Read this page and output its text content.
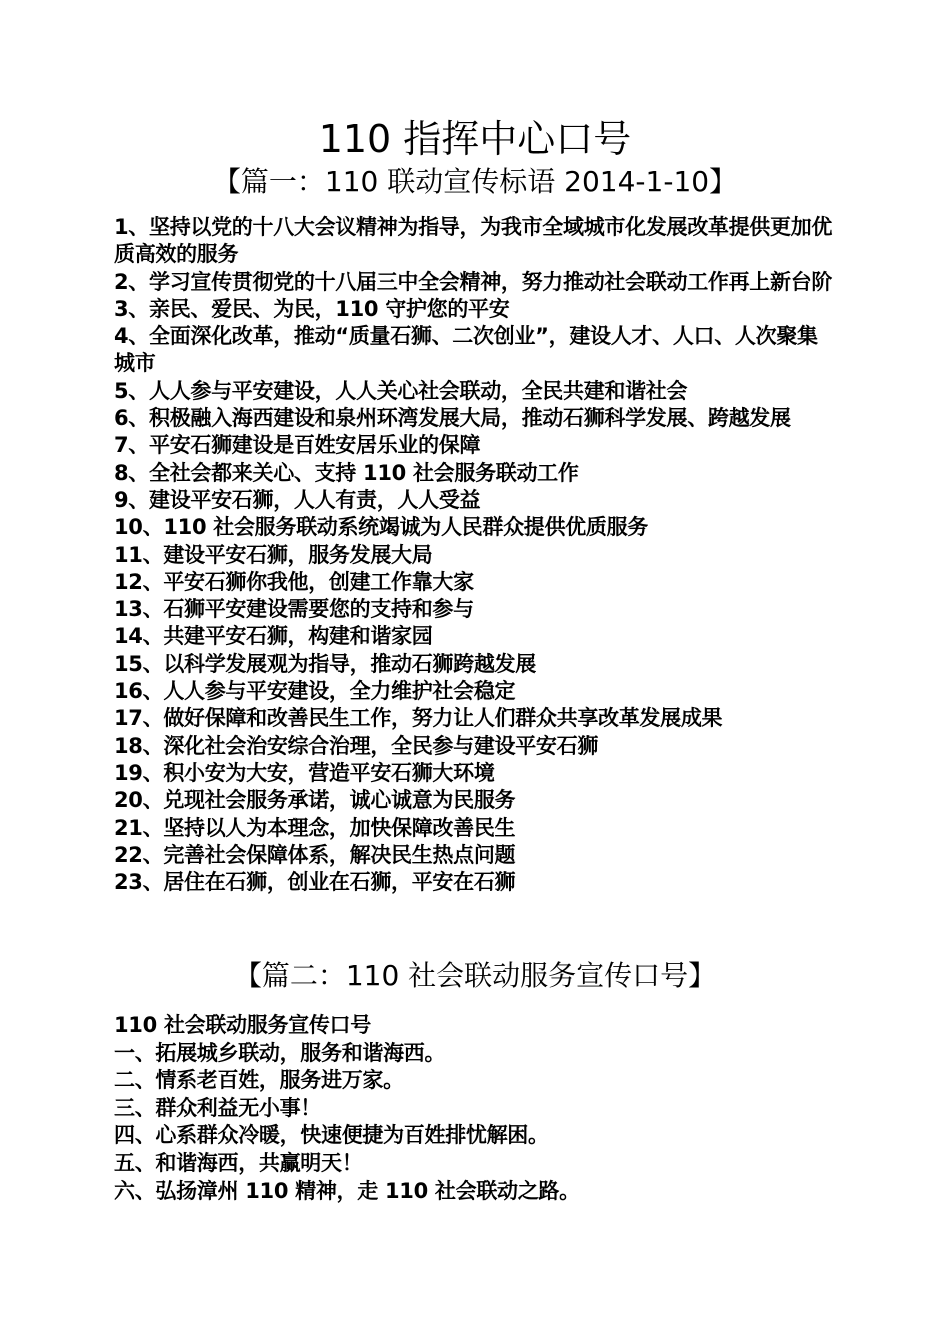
110 指挥中心口号
【篇一：110 联动宣传标语 2014-1-10】
1、坚持以党的十八大会议精神为指导，为我市全域城市化发展改革提供更加优质高效的服务
2、学习宣传贯彻党的十八届三中全会精神，努力推动社会联动工作再上新台阶
3、亲民、爱民、为民，110 守护您的平安
4、全面深化改革，推动“质量石狮、二次创业”，建设人才、人口、人次聚集城市
5、人人参与平安建设，人人关心社会联动，全民共建和谐社会
6、积极融入海西建设和泉州环湾发展大局，推动石狮科学发展、跨越发展
7、平安石狮建设是百姓安居乐业的保障
8、全社会都来关心、支持 110 社会服务联动工作
9、建设平安石狮，人人有责，人人受益
10、110 社会服务联动系统竭诚为人民群众提供优质服务
11、建设平安石狮，服务发展大局
12、平安石狮你我他，创建工作靠大家
13、石狮平安建设需要您的支持和参与
14、共建平安石狮，构建和谐家园
15、以科学发展观为指导，推动石狮跨越发展
16、人人参与平安建设，全力维护社会稳定
17、做好保障和改善民生工作，努力让人们群众共享改革发展成果
18、深化社会治安综合治理，全民参与建设平安石狮
19、积小安为大安，营造平安石狮大环境
20、兑现社会服务承诺，诚心诚意为民服务
21、坚持以人为本理念，加快保障改善民生
22、完善社会保障体系，解决民生热点问题
23、居住在石狮，创业在石狮，平安在石狮
【篇二：110 社会联动服务宣传口号】
110 社会联动服务宣传口号
一、拓展城乡联动，服务和谐海西。
二、情系老百姓，服务进万家。
三、群众利益无小事！
四、心系群众冷暖，快速便捷为百姓排忧解困。
五、和谐海西，共赢明天！
六、弘扬漳州 110 精神，走 110 社会联动之路。
